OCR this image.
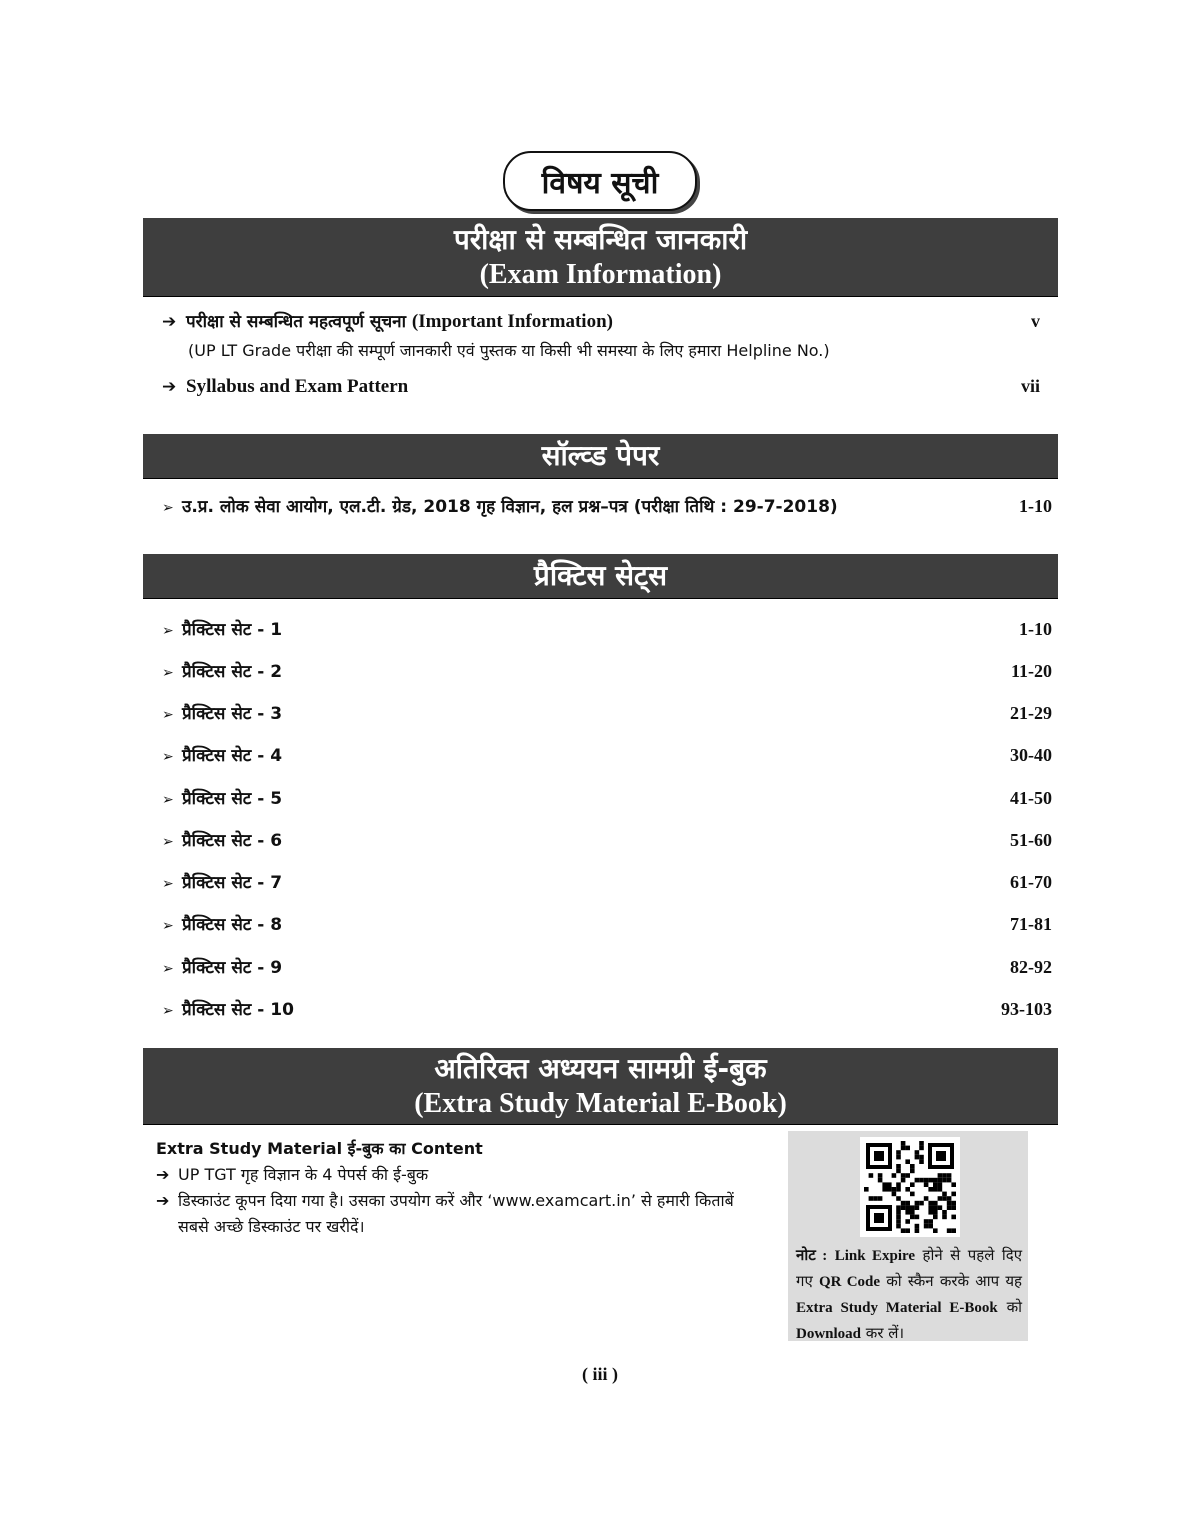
विषय सूची
परीक्षा से सम्बन्धित जानकारी
(Exam Information)
➔ परीक्षा से सम्बन्धित महत्वपूर्ण सूचना (Important Information)	v
(UP LT Grade परीक्षा की सम्पूर्ण जानकारी एवं पुस्तक या किसी भी समस्या के लिए हमारा Helpline No.)
➔ Syllabus and Exam Pattern	vii
सॉल्व्ड पेपर
➢ उ.प्र. लोक सेवा आयोग, एल.टी. ग्रेड, 2018 गृह विज्ञान, हल प्रश्न–पत्र (परीक्षा तिथि : 29-7-2018)	1-10
प्रैक्टिस सेट्स
➢ प्रैक्टिस सेट - 1	1-10
➢ प्रैक्टिस सेट - 2	11-20
➢ प्रैक्टिस सेट - 3	21-29
➢ प्रैक्टिस सेट - 4	30-40
➢ प्रैक्टिस सेट - 5	41-50
➢ प्रैक्टिस सेट - 6	51-60
➢ प्रैक्टिस सेट - 7	61-70
➢ प्रैक्टिस सेट - 8	71-81
➢ प्रैक्टिस सेट - 9	82-92
➢ प्रैक्टिस सेट - 10	93-103
अतिरिक्त अध्ययन सामग्री ई-बुक
(Extra Study Material E-Book)
Extra Study Material ई-बुक का Content
➔ UP TGT गृह विज्ञान के 4 पेपर्स की ई-बुक
➔ डिस्काउंट कूपन दिया गया है। उसका उपयोग करें और ‘www.examcart.in’ से हमारी किताबें सबसे अच्छे डिस्काउंट पर खरीदें।
नोट : Link Expire होने से पहले दिए गए QR Code को स्कैन करके आप यह Extra Study Material E-Book को Download कर लें।
( iii )
